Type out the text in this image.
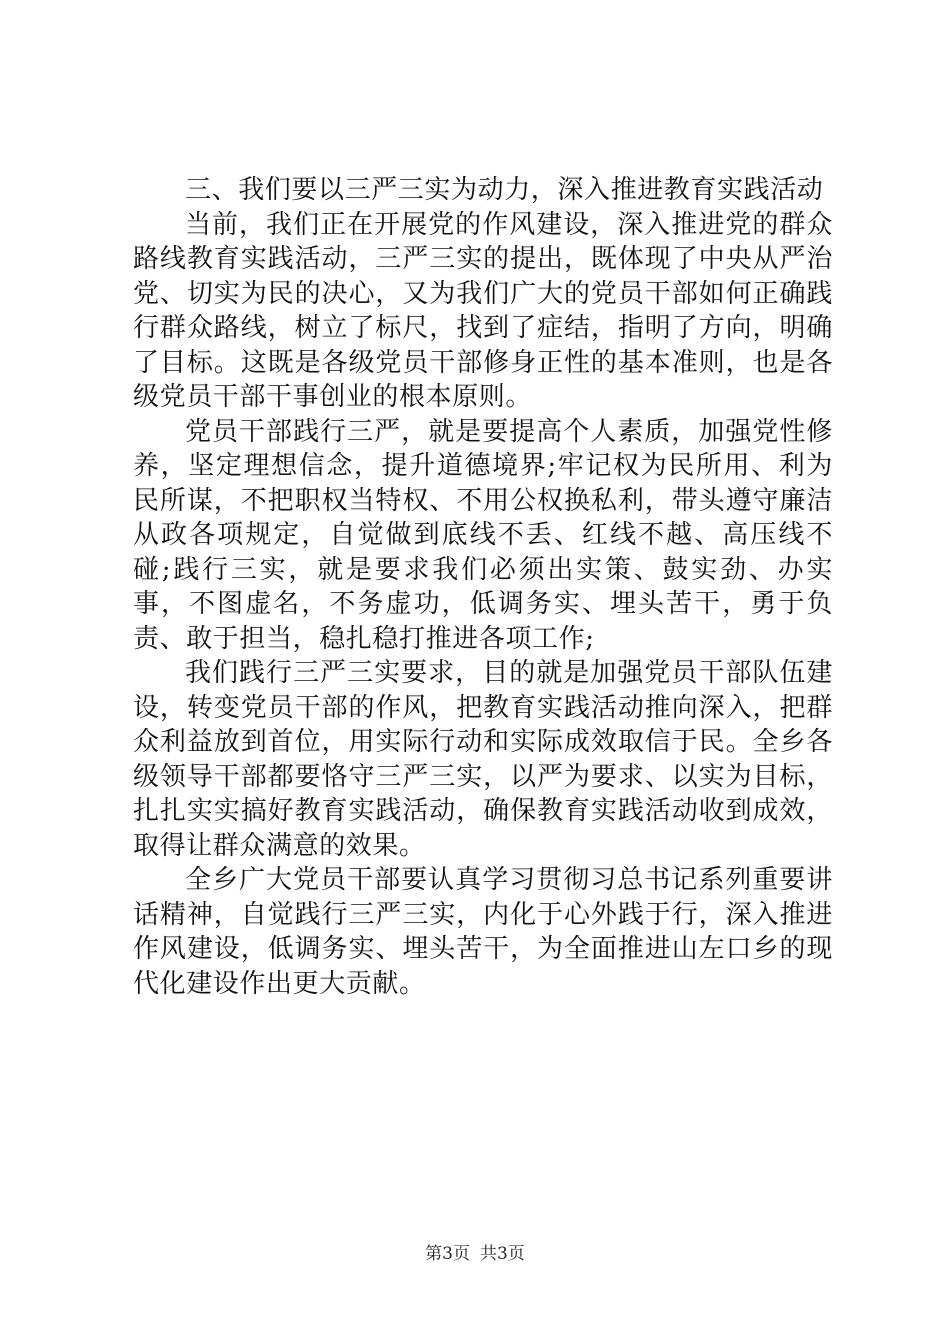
三、我们要以三严三实为动力，深入推进教育实践活动

当前，我们正在开展党的作风建设，深入推进党的群众路线教育实践活动，三严三实的提出，既体现了中央从严治党、切实为民的决心，又为我们广大的党员干部如何正确践行群众路线，树立了标尺，找到了症结，指明了方向，明确了目标。这既是各级党员干部修身正性的基本准则，也是各级党员干部干事创业的根本原则。

党员干部践行三严，就是要提高个人素质，加强党性修养，坚定理想信念，提升道德境界;牢记权为民所用、利为民所谋，不把职权当特权、不用公权换私利，带头遵守廉洁从政各项规定，自觉做到底线不丢、红线不越、高压线不碰;践行三实，就是要求我们必须出实策、鼓实劲、办实事，不图虚名，不务虚功，低调务实、埋头苦干，勇于负责、敢于担当，稳扎稳打推进各项工作;

我们践行三严三实要求，目的就是加强党员干部队伍建设，转变党员干部的作风，把教育实践活动推向深入，把群众利益放到首位，用实际行动和实际成效取信于民。全乡各级领导干部都要恪守三严三实，以严为要求、以实为目标，扎扎实实搞好教育实践活动，确保教育实践活动收到成效，取得让群众满意的效果。

全乡广大党员干部要认真学习贯彻习总书记系列重要讲话精神，自觉践行三严三实，内化于心外践于行，深入推进作风建设，低调务实、埋头苦干，为全面推进山左口乡的现代化建设作出更大贡献。

第3页 共3页
